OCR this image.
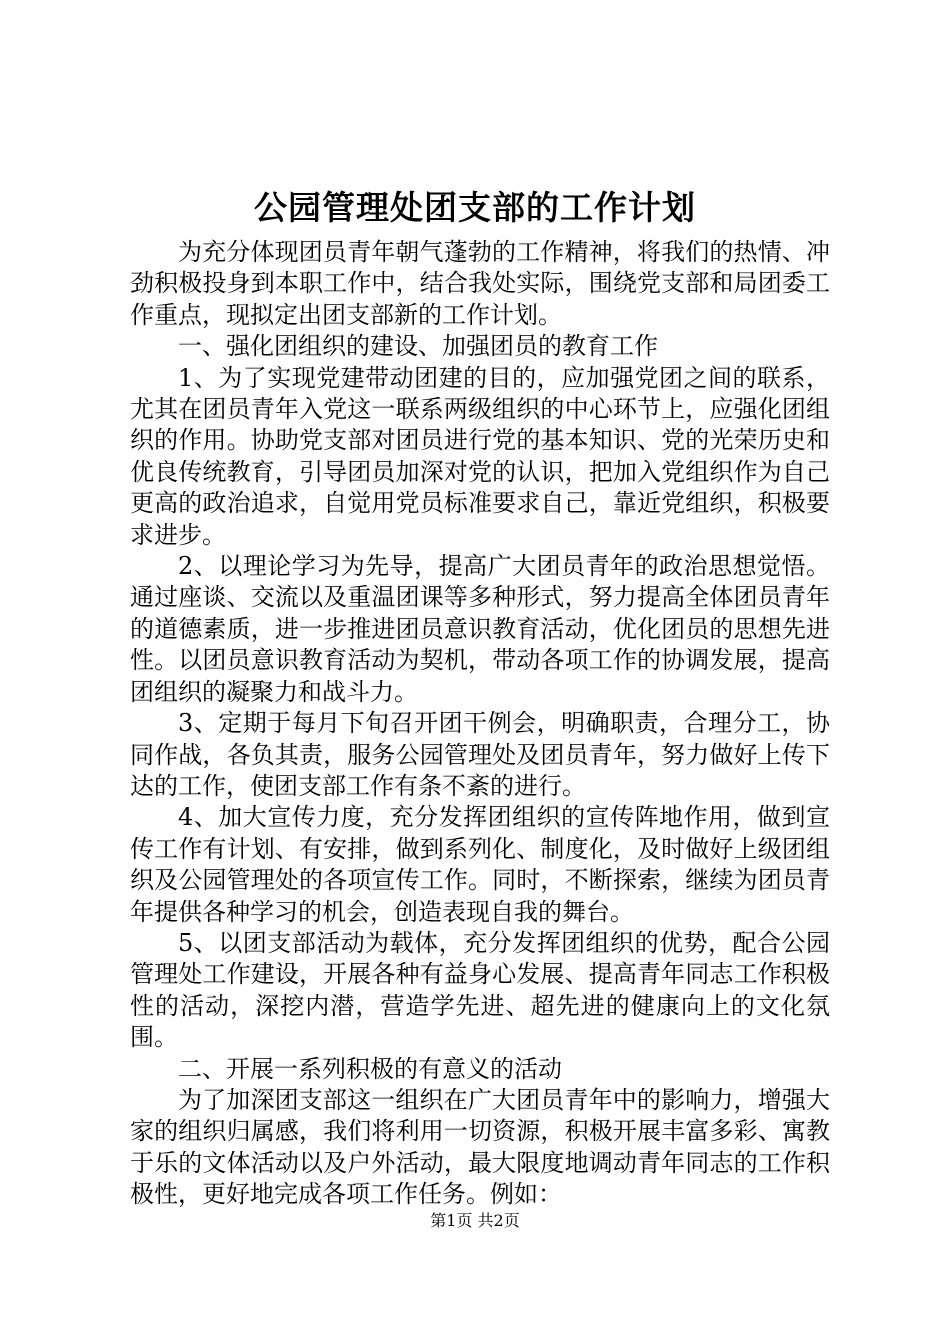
公园管理处团支部的工作计划

为充分体现团员青年朝气蓬勃的工作精神，将我们的热情、冲劲积极投身到本职工作中，结合我处实际，围绕党支部和局团委工作重点，现拟定出团支部新的工作计划。

一、强化团组织的建设、加强团员的教育工作

1、为了实现党建带动团建的目的，应加强党团之间的联系，尤其在团员青年入党这一联系两级组织的中心环节上，应强化团组织的作用。协助党支部对团员进行党的基本知识、党的光荣历史和优良传统教育，引导团员加深对党的认识，把加入党组织作为自己更高的政治追求，自觉用党员标准要求自己，靠近党组织，积极要求进步。

2、以理论学习为先导，提高广大团员青年的政治思想觉悟。通过座谈、交流以及重温团课等多种形式，努力提高全体团员青年的道德素质，进一步推进团员意识教育活动，优化团员的思想先进性。以团员意识教育活动为契机，带动各项工作的协调发展，提高团组织的凝聚力和战斗力。

3、定期于每月下旬召开团干例会，明确职责，合理分工，协同作战，各负其责，服务公园管理处及团员青年，努力做好上传下达的工作，使团支部工作有条不紊的进行。

4、加大宣传力度，充分发挥团组织的宣传阵地作用，做到宣传工作有计划、有安排，做到系列化、制度化，及时做好上级团组织及公园管理处的各项宣传工作。同时，不断探索，继续为团员青年提供各种学习的机会，创造表现自我的舞台。

5、以团支部活动为载体，充分发挥团组织的优势，配合公园管理处工作建设，开展各种有益身心发展、提高青年同志工作积极性的活动，深挖内潜，营造学先进、超先进的健康向上的文化氛围。

二、开展一系列积极的有意义的活动

为了加深团支部这一组织在广大团员青年中的影响力，增强大家的组织归属感，我们将利用一切资源，积极开展丰富多彩、寓教于乐的文体活动以及户外活动，最大限度地调动青年同志的工作积极性，更好地完成各项工作任务。例如：

第1页 共2页
